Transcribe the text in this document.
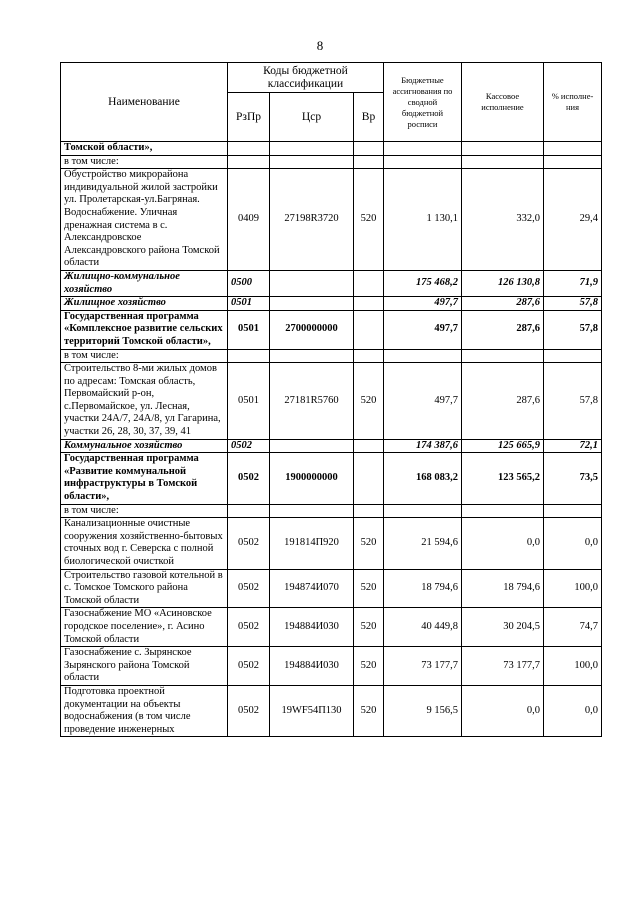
8
Наименование	Коды бюджетной классификации			Бюджетные ассигнования по сводной бюджетной росписи	Кассовое исполнение	% исполне-ния
	РзПр	Цср	Вр			
Томской области»,						
в том числе:						
Обустройство микрорайона индивидуальной жилой застройки ул. Пролетарская-ул.Багряная. Водоснабжение. Уличная дренажная система в с. Александровское Александровского района Томской области	0409	27198R3720	520	1 130,1	332,0	29,4
Жилищно-коммунальное хозяйство	0500			175 468,2	126 130,8	71,9
Жилищное хозяйство	0501			497,7	287,6	57,8
Государственная программа «Комплексное развитие сельских территорий Томской области»,	0501	2700000000		497,7	287,6	57,8
в том числе:						
Строительство 8-ми жилых домов по адресам: Томская область, Первомайский р-он, с.Первомайское, ул. Лесная, участки 24А/7, 24А/8, ул Гагарина, участки 26, 28, 30, 37, 39, 41	0501	27181R5760	520	497,7	287,6	57,8
Коммунальное хозяйство	0502			174 387,6	125 665,9	72,1
Государственная программа «Развитие коммунальной инфраструктуры в Томской области»,	0502	1900000000		168 083,2	123 565,2	73,5
в том числе:						
Канализационные очистные сооружения хозяйственно-бытовых сточных вод г. Северска с полной биологической очисткой	0502	191814П920	520	21 594,6	0,0	0,0
Строительство газовой котельной в с. Томское Томского района Томской области	0502	194874И070	520	18 794,6	18 794,6	100,0
Газоснабжение МО «Асиновское городское поселение», г. Асино Томской области	0502	194884И030	520	40 449,8	30 204,5	74,7
Газоснабжение с. Зырянское Зырянского района Томской области	0502	194884И030	520	73 177,7	73 177,7	100,0
Подготовка проектной документации на объекты водоснабжения (в том числе проведение инженерных	0502	19WF54П130	520	9 156,5	0,0	0,0
